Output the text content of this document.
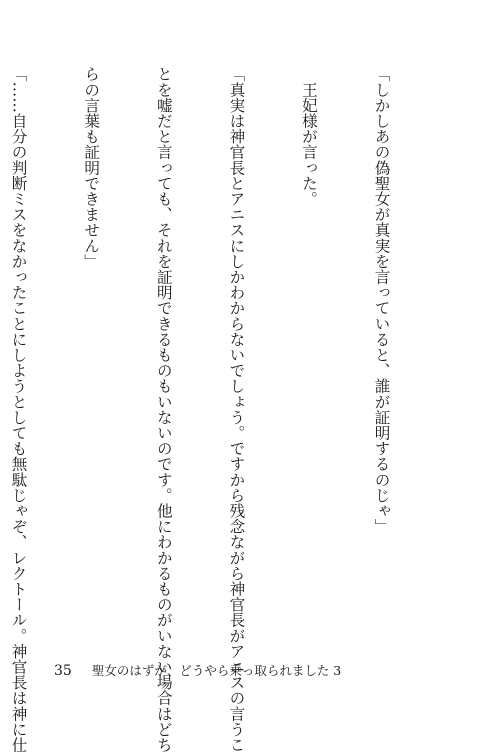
「しかしあの偽聖女が真実を言っていると、誰が証明するのじゃ」

　王妃様が言った。

「真実は神官長とアニスにしかわからないでしょう。ですから残念ながら神官長がアニスの言うこ

とを嘘だと言っても、それを証明できるものもいないのです。他にわかるものがいない場合はどち

らの言葉も証明できません」

「……自分の判断ミスをなかったことにしようとしても無駄じゃぞ、レクトール。神官長は神に仕

35 聖女のはずが、どうやら乗っ取られました 3
